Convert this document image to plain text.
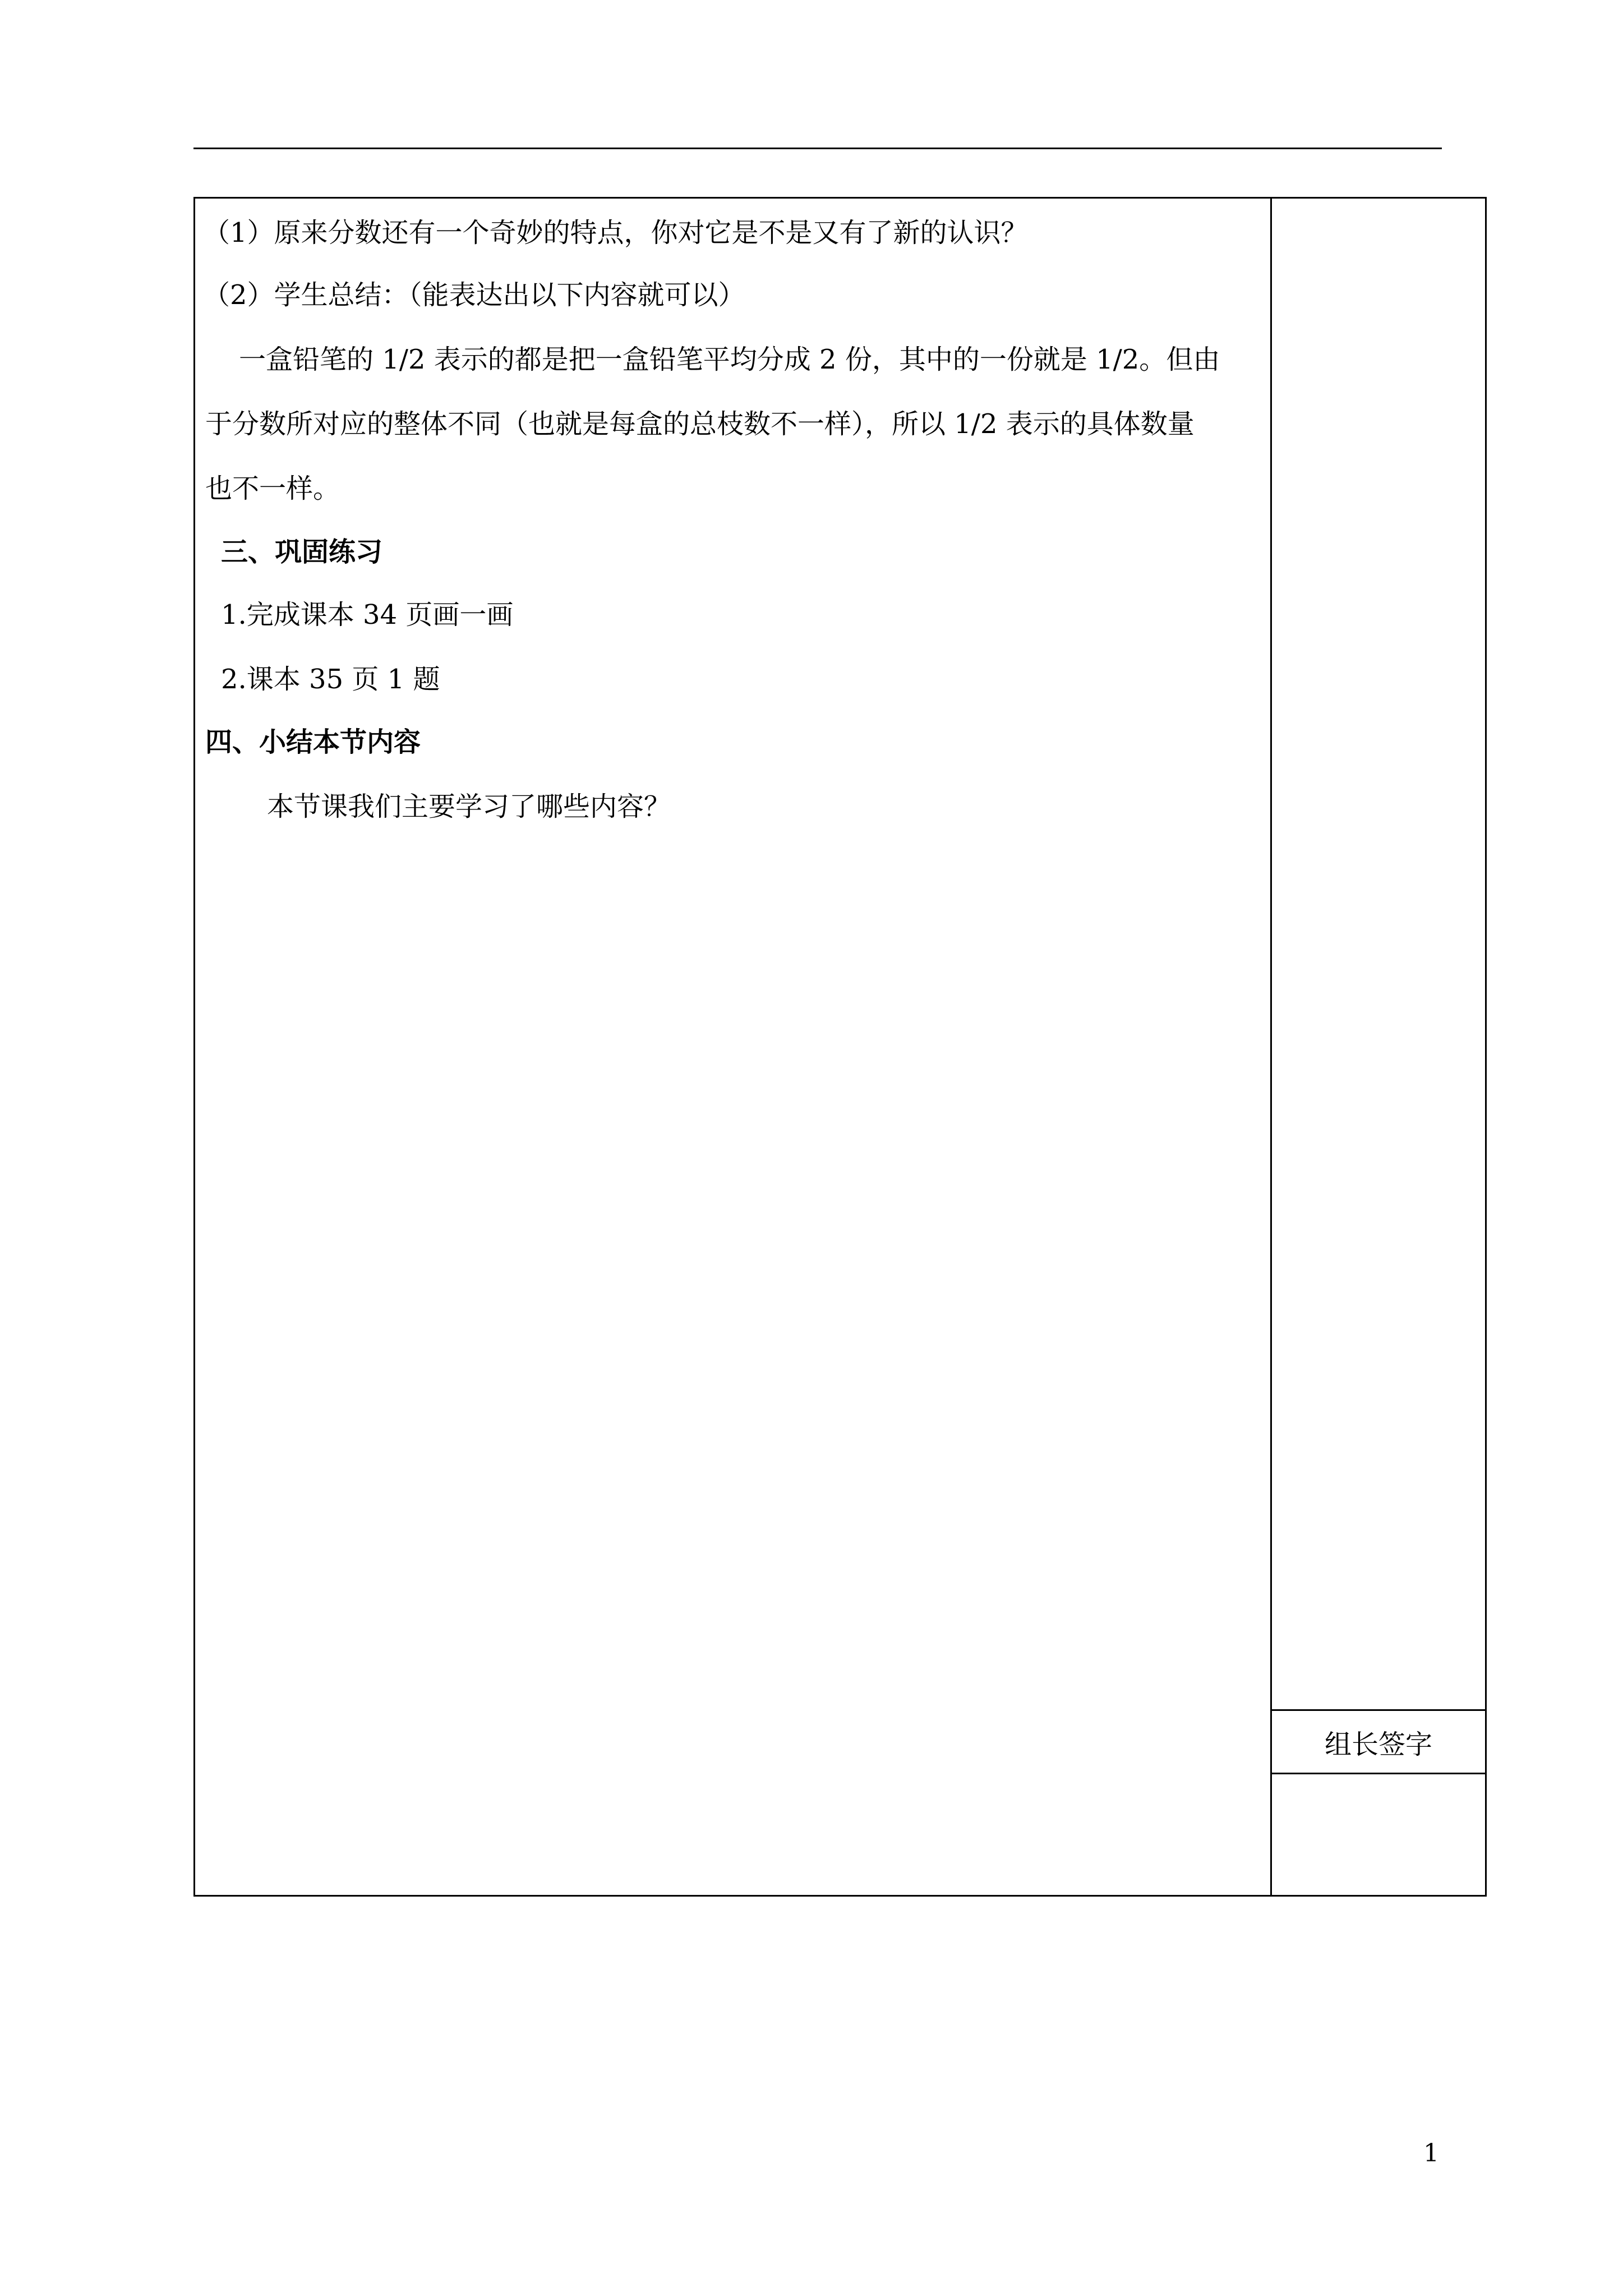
（1）原来分数还有一个奇妙的特点，你对它是不是又有了新的认识？
（2）学生总结：（能表达出以下内容就可以）
一盒铅笔的 1/2 表示的都是把一盒铅笔平均分成 2 份，其中的一份就是 1/2。但由
于分数所对应的整体不同（也就是每盒的总枝数不一样），所以 1/2 表示的具体数量
也不一样。
三、巩固练习
1.完成课本 34 页画一画
2.课本 35 页 1 题
四、小结本节内容
本节课我们主要学习了哪些内容？
组长签字
1
